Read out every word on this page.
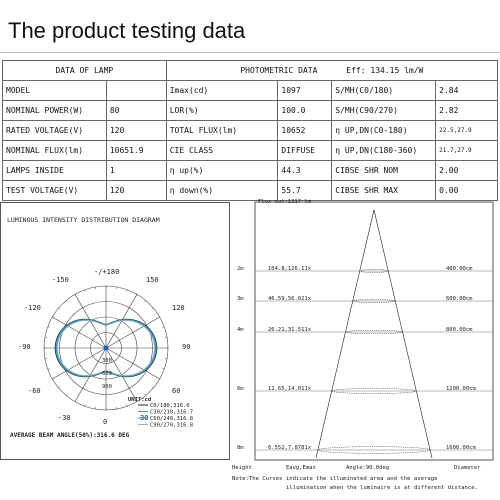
The product testing data
DATA OF LAMP		PHOTOMETRIC DATA Eff: 134.15 lm/W			
MODEL		Imax(cd)	1097	S/MH(C0/180)	2.84
NOMINAL POWER(W)	80	LOR(%)	100.0	S/MH(C90/270)	2.82
RATED VOLTAGE(V)	120	TOTAL FLUX(lm)	10652	η UP,DN(C0-180)	22.5,27.9
NOMINAL FLUX(lm)	10651.9	CIE CLASS	DIFFUSE	η UP,DN(C180-360)	21.7,27.9
LAMPS INSIDE	1	η up(%)	44.3	CIBSE SHR NOM	2.00
TEST VOLTAGE(V)	120	η down(%)	55.7	CIBSE SHR MAX	0.00
LUMINOUS INTENSITY DISTRIBUTION DIAGRAM
-/+180
-150	150
-120	120
-90	90
-60	60
-30	30
0
300
600
900
UNIT:cd
C0/180,316.6
C30/210,316.7
C60/240,316.8
C90/270,316.8
AVERAGE BEAM ANGLE(50%):316.6 DEG
Flux out:1317 lm
2m	104.8,126.11x	400.00cm
3m	46.59,56.021x	600.00cm
4m	26.21,31.511x	800.00cm
6m	11.65,14.011x	1200.00cm
8m	6.552,7.8781x	1600.00cm
Height	Eavg,Emax	Angle:90.0deg	Diameter
Note:The Curves indicate the illuminated area and the average
illumination when the luminaire is at different distance.
